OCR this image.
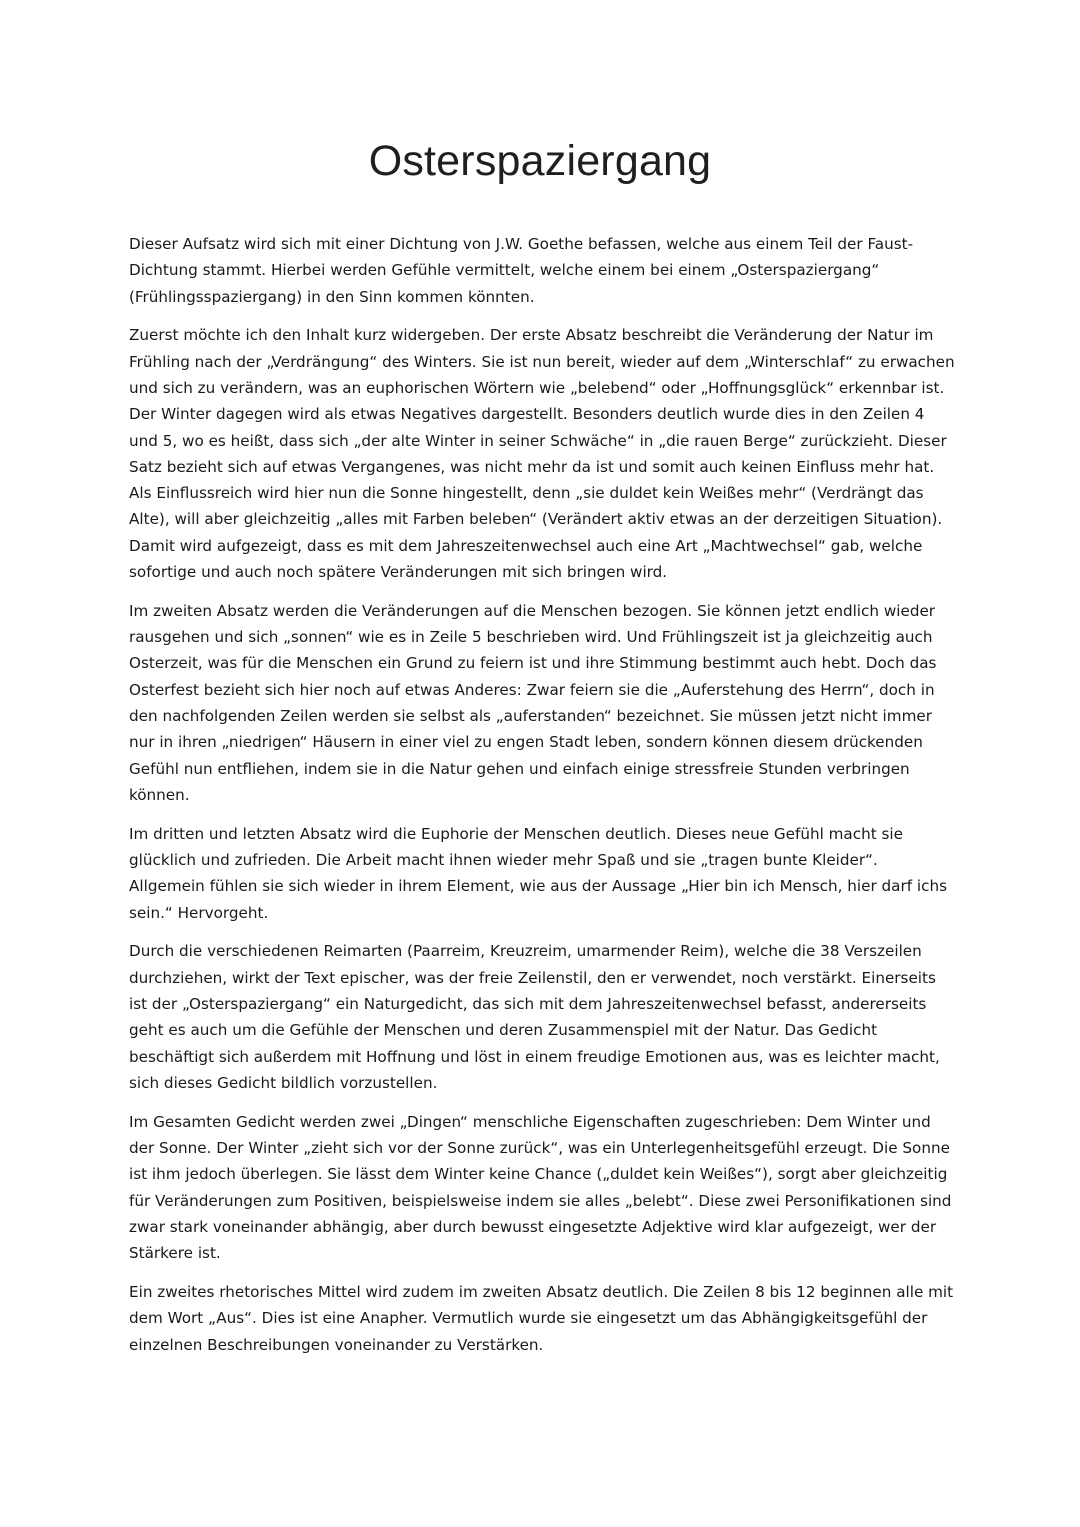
Osterspaziergang

Dieser Aufsatz wird sich mit einer Dichtung von J.W. Goethe befassen, welche aus einem Teil der Faust-Dichtung stammt. Hierbei werden Gefühle vermittelt, welche einem bei einem „Osterspaziergang“ (Frühlingsspaziergang) in den Sinn kommen könnten.

Zuerst möchte ich den Inhalt kurz widergeben. Der erste Absatz beschreibt die Veränderung der Natur im Frühling nach der „Verdrängung“ des Winters. Sie ist nun bereit, wieder auf dem „Winterschlaf“ zu erwachen und sich zu verändern, was an euphorischen Wörtern wie „belebend“ oder „Hoffnungsglück“ erkennbar ist. Der Winter dagegen wird als etwas Negatives dargestellt. Besonders deutlich wurde dies in den Zeilen 4 und 5, wo es heißt, dass sich „der alte Winter in seiner Schwäche“ in „die rauen Berge“ zurückzieht. Dieser Satz bezieht sich auf etwas Vergangenes, was nicht mehr da ist und somit auch keinen Einfluss mehr hat. Als Einflussreich wird hier nun die Sonne hingestellt, denn „sie duldet kein Weißes mehr“ (Verdrängt das Alte), will aber gleichzeitig „alles mit Farben beleben“ (Verändert aktiv etwas an der derzeitigen Situation). Damit wird aufgezeigt, dass es mit dem Jahreszeitenwechsel auch eine Art „Machtwechsel“ gab, welche sofortige und auch noch spätere Veränderungen mit sich bringen wird.

Im zweiten Absatz werden die Veränderungen auf die Menschen bezogen. Sie können jetzt endlich wieder rausgehen und sich „sonnen“ wie es in Zeile 5 beschrieben wird. Und Frühlingszeit ist ja gleichzeitig auch Osterzeit, was für die Menschen ein Grund zu feiern ist und ihre Stimmung bestimmt auch hebt. Doch das Osterfest bezieht sich hier noch auf etwas Anderes: Zwar feiern sie die „Auferstehung des Herrn“, doch in den nachfolgenden Zeilen werden sie selbst als „auferstanden“ bezeichnet. Sie müssen jetzt nicht immer nur in ihren „niedrigen“ Häusern in einer viel zu engen Stadt leben, sondern können diesem drückenden Gefühl nun entfliehen, indem sie in die Natur gehen und einfach einige stressfreie Stunden verbringen können.

Im dritten und letzten Absatz wird die Euphorie der Menschen deutlich. Dieses neue Gefühl macht sie glücklich und zufrieden. Die Arbeit macht ihnen wieder mehr Spaß und sie „tragen bunte Kleider“. Allgemein fühlen sie sich wieder in ihrem Element, wie aus der Aussage „Hier bin ich Mensch, hier darf ichs sein.“ Hervorgeht.

Durch die verschiedenen Reimarten (Paarreim, Kreuzreim, umarmender Reim), welche die 38 Verszeilen durchziehen, wirkt der Text epischer, was der freie Zeilenstil, den er verwendet, noch verstärkt. Einerseits ist der „Osterspaziergang“ ein Naturgedicht, das sich mit dem Jahreszeitenwechsel befasst, andererseits geht es auch um die Gefühle der Menschen und deren Zusammenspiel mit der Natur. Das Gedicht beschäftigt sich außerdem mit Hoffnung und löst in einem freudige Emotionen aus, was es leichter macht, sich dieses Gedicht bildlich vorzustellen.

Im Gesamten Gedicht werden zwei „Dingen“ menschliche Eigenschaften zugeschrieben: Dem Winter und der Sonne. Der Winter „zieht sich vor der Sonne zurück“, was ein Unterlegenheitsgefühl erzeugt. Die Sonne ist ihm jedoch überlegen. Sie lässt dem Winter keine Chance („duldet kein Weißes“), sorgt aber gleichzeitig für Veränderungen zum Positiven, beispielsweise indem sie alles „belebt“. Diese zwei Personifikationen sind zwar stark voneinander abhängig, aber durch bewusst eingesetzte Adjektive wird klar aufgezeigt, wer der Stärkere ist.

Ein zweites rhetorisches Mittel wird zudem im zweiten Absatz deutlich. Die Zeilen 8 bis 12 beginnen alle mit dem Wort „Aus“. Dies ist eine Anapher. Vermutlich wurde sie eingesetzt um das Abhängigkeitsgefühl der einzelnen Beschreibungen voneinander zu Verstärken.
